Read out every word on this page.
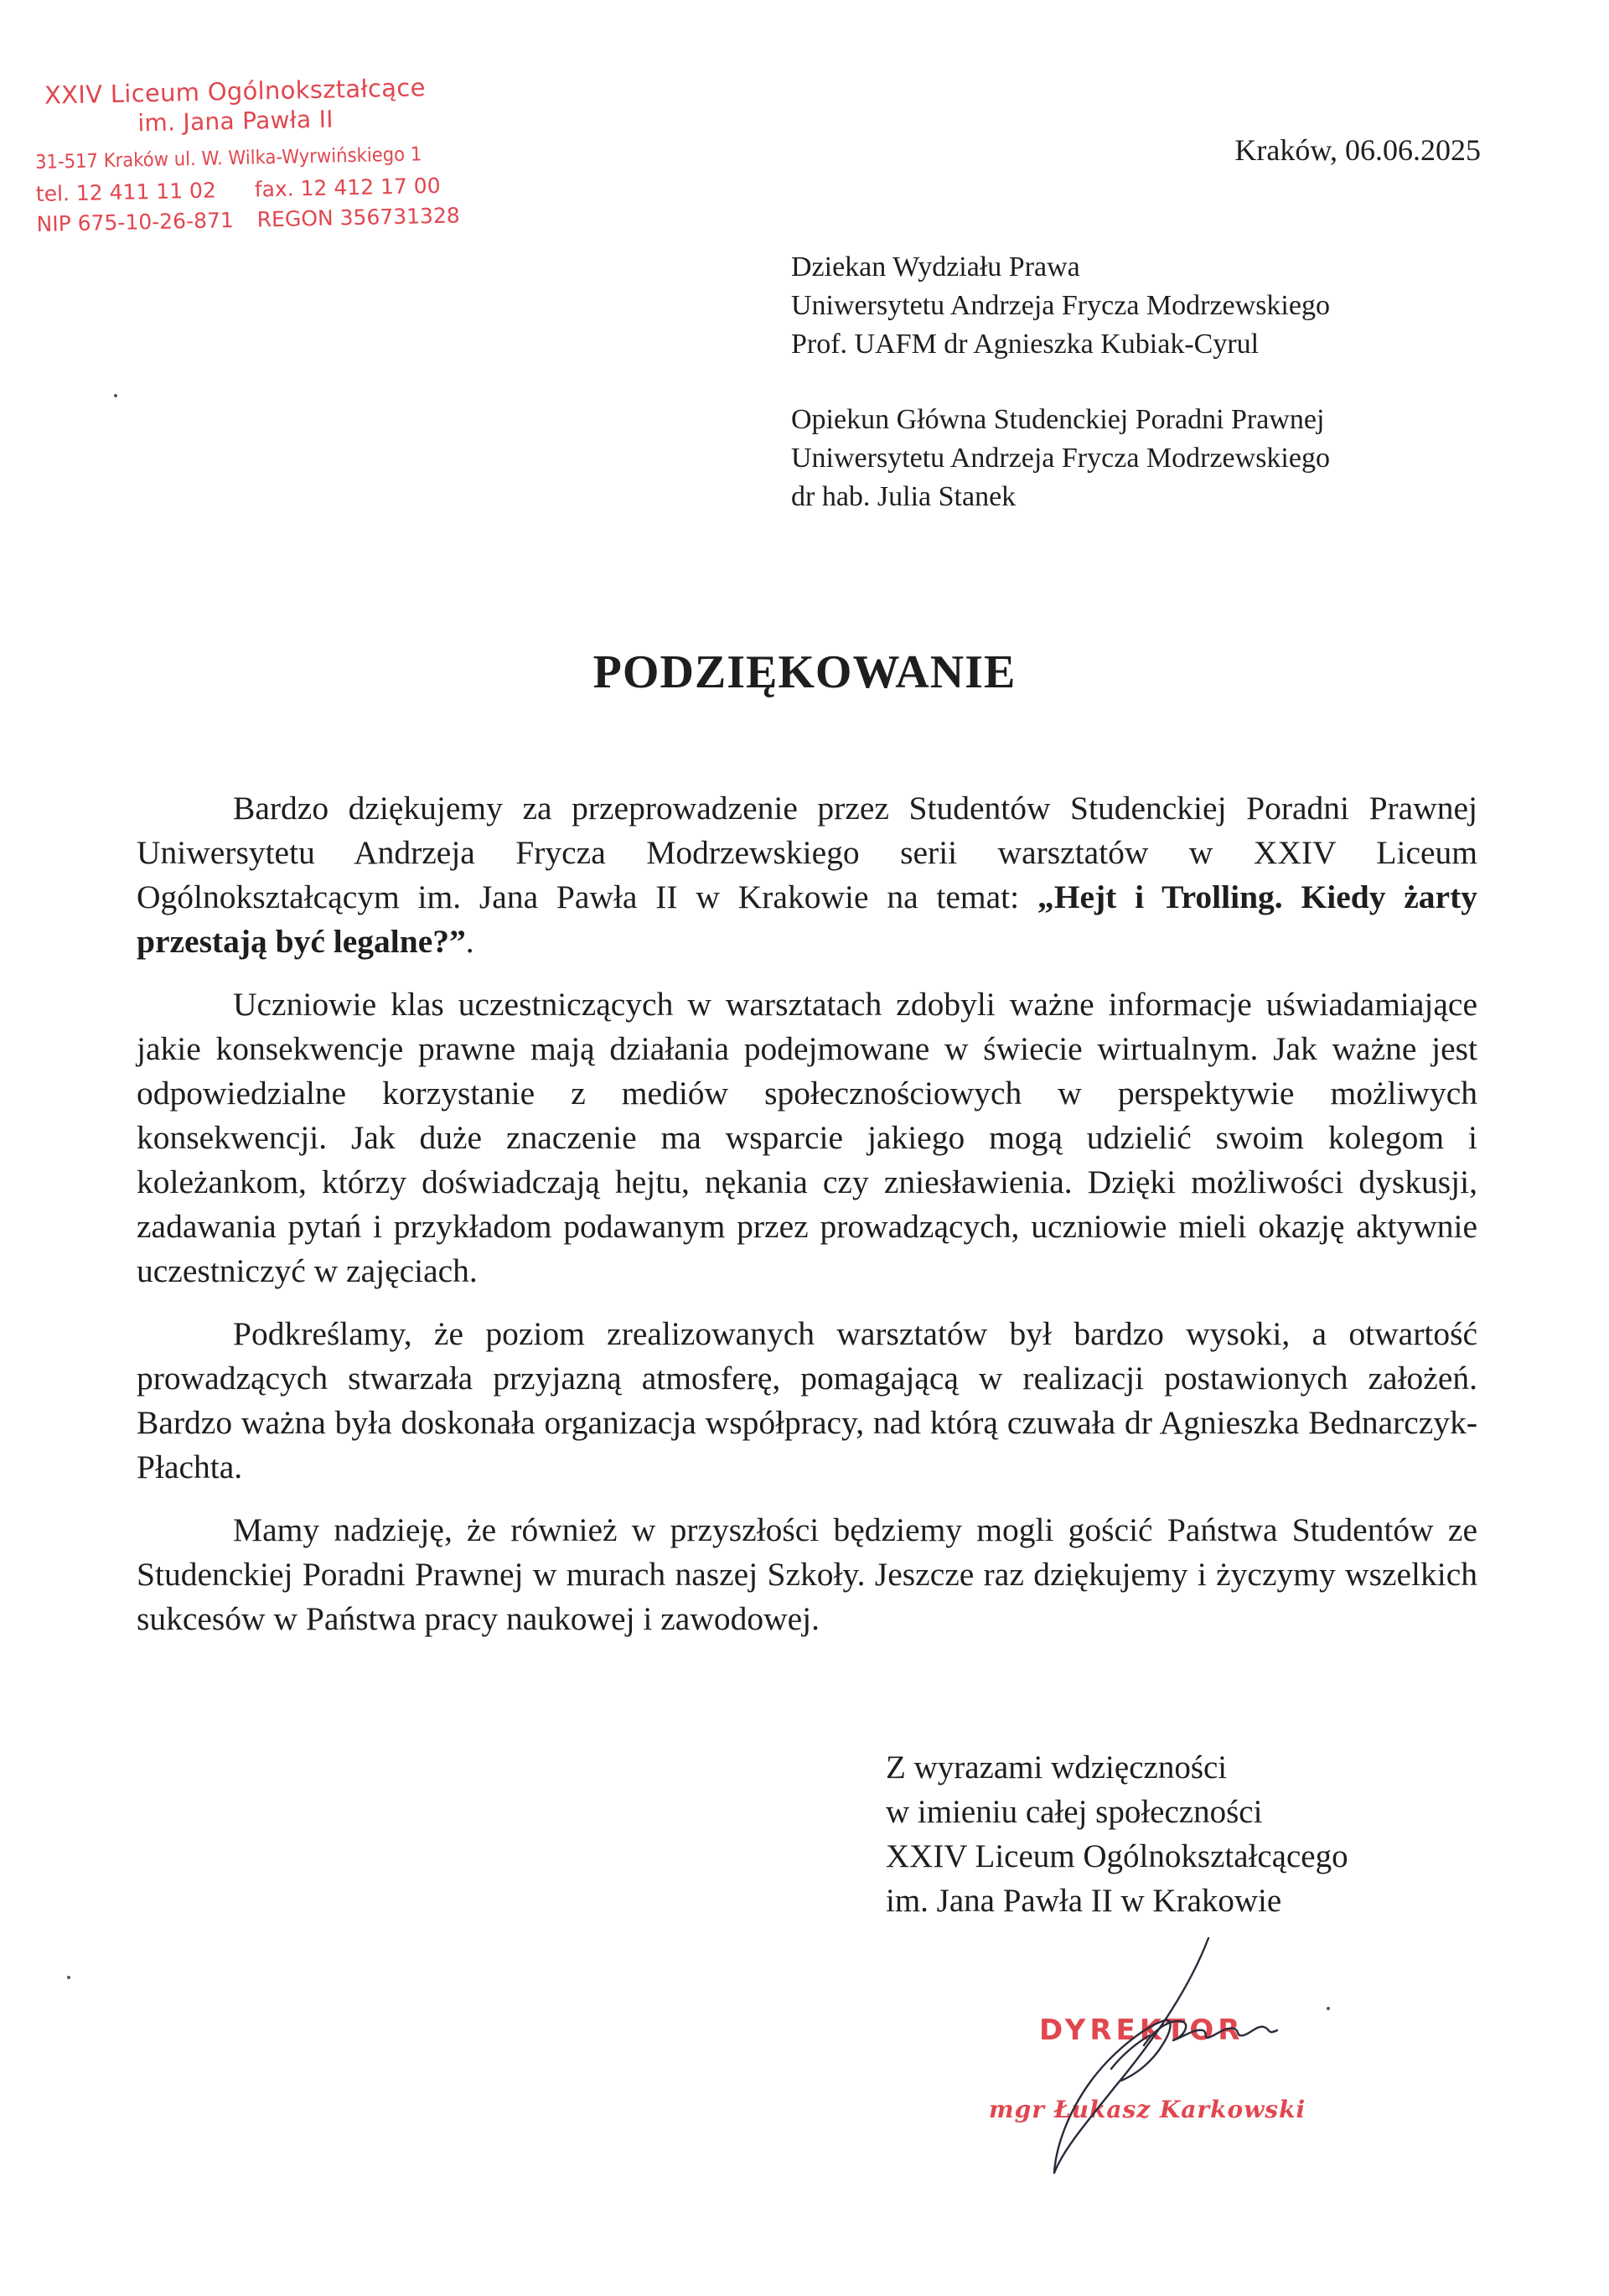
XXIV Liceum Ogólnokształcące
im. Jana Pawła II
31-517 Kraków ul. W. Wilka-Wyrwińskiego 1
tel. 12 411 11 02 fax. 12 412 17 00
NIP 675-10-26-871 REGON 356731328
Kraków, 06.06.2025
Dziekan Wydziału Prawa
Uniwersytetu Andrzeja Frycza Modrzewskiego
Prof. UAFM dr Agnieszka Kubiak-Cyrul
Opiekun Główna Studenckiej Poradni Prawnej
Uniwersytetu Andrzeja Frycza Modrzewskiego
dr hab. Julia Stanek
PODZIĘKOWANIE

Bardzo dziękujemy za przeprowadzenie przez Studentów Studenckiej Poradni Prawnej Uniwersytetu Andrzeja Frycza Modrzewskiego serii warsztatów w XXIV Liceum Ogólnokształcącym im. Jana Pawła II w Krakowie na temat: „Hejt i Trolling. Kiedy żarty przestają być legalne?”.

Uczniowie klas uczestniczących w warsztatach zdobyli ważne informacje uświadamiające jakie konsekwencje prawne mają działania podejmowane w świecie wirtualnym. Jak ważne jest odpowiedzialne korzystanie z mediów społecznościowych w perspektywie możliwych konsekwencji. Jak duże znaczenie ma wsparcie jakiego mogą udzielić swoim kolegom i koleżankom, którzy doświadczają hejtu, nękania czy zniesławienia. Dzięki możliwości dyskusji, zadawania pytań i przykładom podawanym przez prowadzących, uczniowie mieli okazję aktywnie uczestniczyć w zajęciach.

Podkreślamy, że poziom zrealizowanych warsztatów był bardzo wysoki, a otwartość prowadzących stwarzała przyjazną atmosferę, pomagającą w realizacji postawionych założeń. Bardzo ważna była doskonała organizacja współpracy, nad którą czuwała dr Agnieszka Bednarczyk-Płachta.

Mamy nadzieję, że również w przyszłości będziemy mogli gościć Państwa Studentów ze Studenckiej Poradni Prawnej w murach naszej Szkoły. Jeszcze raz dziękujemy i życzymy wszelkich sukcesów w Państwa pracy naukowej i zawodowej.

Z wyrazami wdzięczności
w imieniu całej społeczności
XXIV Liceum Ogólnokształcącego
im. Jana Pawła II w Krakowie
DYREKTOR
mgr Łukasz Karkowski
